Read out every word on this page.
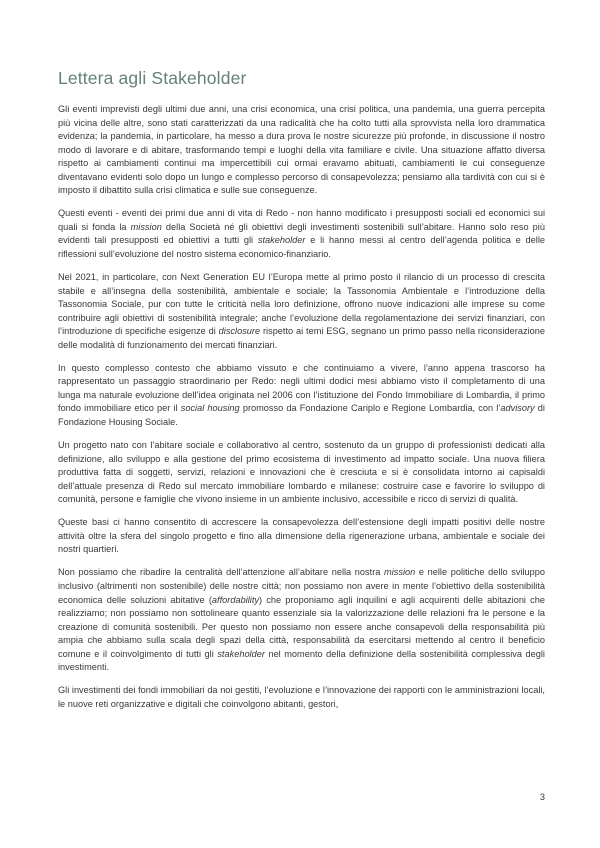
Lettera agli Stakeholder

Gli eventi imprevisti degli ultimi due anni, una crisi economica, una crisi politica, una pandemia, una guerra percepita più vicina delle altre, sono stati caratterizzati da una radicalità che ha colto tutti alla sprovvista nella loro drammatica evidenza; la pandemia, in particolare, ha messo a dura prova le nostre sicurezze più profonde, in discussione il nostro modo di lavorare e di abitare, trasformando tempi e luoghi della vita familiare e civile. Una situazione affatto diversa rispetto ai cambiamenti continui ma impercettibili cui ormai eravamo abituati, cambiamenti le cui conseguenze diventavano evidenti solo dopo un lungo e complesso percorso di consapevolezza; pensiamo alla tardività con cui si è imposto il dibattito sulla crisi climatica e sulle sue conseguenze.

Questi eventi - eventi dei primi due anni di vita di Redo - non hanno modificato i presupposti sociali ed economici sui quali si fonda la mission della Società né gli obiettivi degli investimenti sostenibili sull’abitare. Hanno solo reso più evidenti tali presupposti ed obiettivi a tutti gli stakeholder e li hanno messi al centro dell’agenda politica e delle riflessioni sull’evoluzione del nostro sistema economico-finanziario.

Nel 2021, in particolare, con Next Generation EU l’Europa mette al primo posto il rilancio di un processo di crescita stabile e all’insegna della sostenibilità, ambientale e sociale; la Tassonomia Ambientale e l’introduzione della Tassonomia Sociale, pur con tutte le criticità nella loro definizione, offrono nuove indicazioni alle imprese su come contribuire agli obiettivi di sostenibilità integrale; anche l’evoluzione della regolamentazione dei servizi finanziari, con l’introduzione di specifiche esigenze di disclosure rispetto ai temi ESG, segnano un primo passo nella riconsiderazione delle modalità di funzionamento dei mercati finanziari.

In questo complesso contesto che abbiamo vissuto e che continuiamo a vivere, l’anno appena trascorso ha rappresentato un passaggio straordinario per Redo: negli ultimi dodici mesi abbiamo visto il completamento di una lunga ma naturale evoluzione dell’idea originata nel 2006 con l’istituzione del Fondo Immobiliare di Lombardia, il primo fondo immobiliare etico per il social housing promosso da Fondazione Cariplo e Regione Lombardia, con l’advisory di Fondazione Housing Sociale.

Un progetto nato con l’abitare sociale e collaborativo al centro, sostenuto da un gruppo di professionisti dedicati alla definizione, allo sviluppo e alla gestione del primo ecosistema di investimento ad impatto sociale. Una nuova filiera produttiva fatta di soggetti, servizi, relazioni e innovazioni che è cresciuta e si è consolidata intorno ai capisaldi dell’attuale presenza di Redo sul mercato immobiliare lombardo e milanese: costruire case e favorire lo sviluppo di comunità, persone e famiglie che vivono insieme in un ambiente inclusivo, accessibile e ricco di servizi di qualità.

Queste basi ci hanno consentito di accrescere la consapevolezza dell’estensione degli impatti positivi delle nostre attività oltre la sfera del singolo progetto e fino alla dimensione della rigenerazione urbana, ambientale e sociale dei nostri quartieri.

Non possiamo che ribadire la centralità dell’attenzione all’abitare nella nostra mission e nelle politiche dello sviluppo inclusivo (altrimenti non sostenibile) delle nostre città; non possiamo non avere in mente l’obiettivo della sostenibilità economica delle soluzioni abitative (affordability) che proponiamo agli inquilini e agli acquirenti delle abitazioni che realizziamo; non possiamo non sottolineare quanto essenziale sia la valorizzazione delle relazioni fra le persone e la creazione di comunità sostenibili. Per questo non possiamo non essere anche consapevoli della responsabilità più ampia che abbiamo sulla scala degli spazi della città, responsabilità da esercitarsi mettendo al centro il beneficio comune e il coinvolgimento di tutti gli stakeholder nel momento della definizione della sostenibilità complessiva degli investimenti.

Gli investimenti dei fondi immobiliari da noi gestiti, l’evoluzione e l’innovazione dei rapporti con le amministrazioni locali, le nuove reti organizzative e digitali che coinvolgono abitanti, gestori,

3
